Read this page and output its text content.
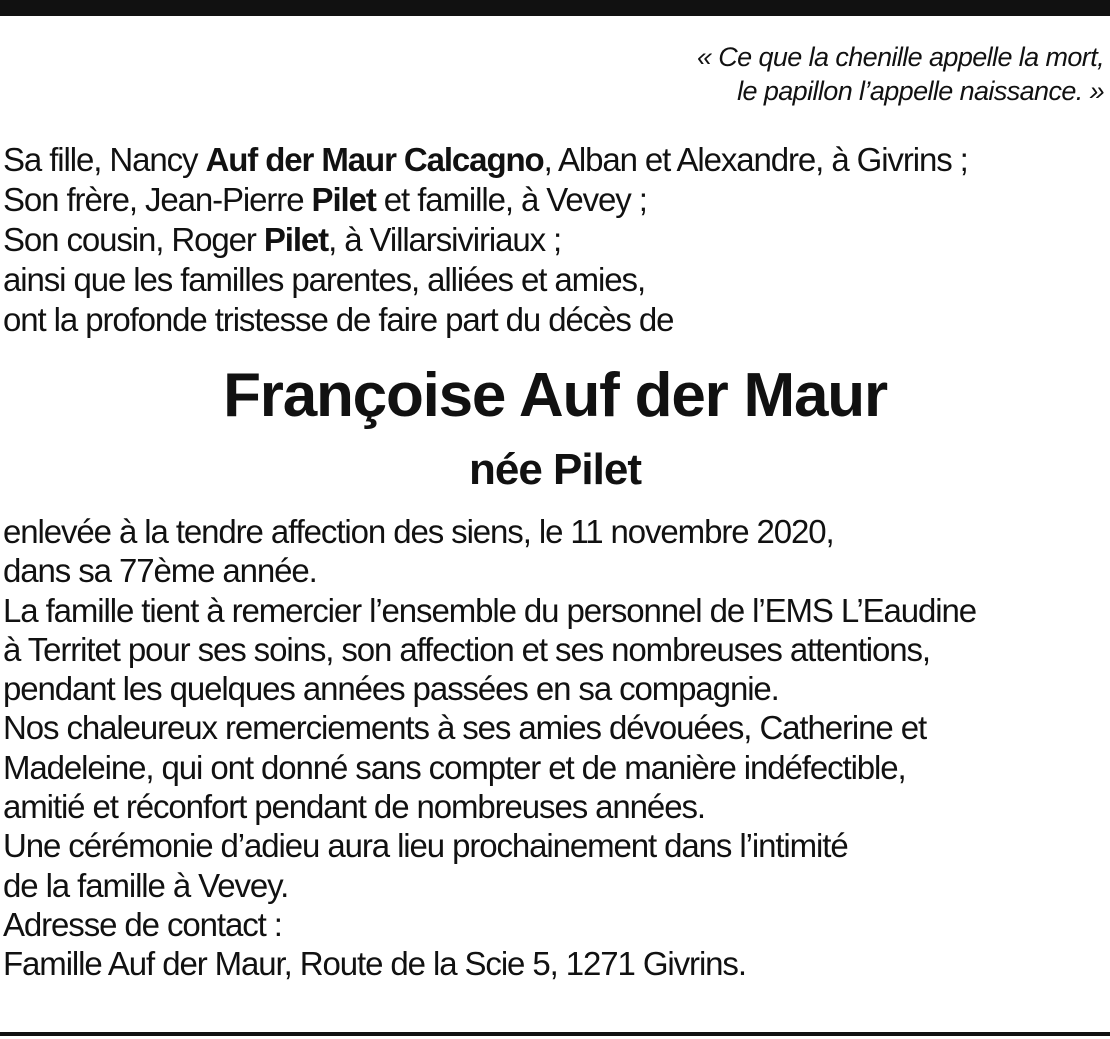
« Ce que la chenille appelle la mort,
le papillon l’appelle naissance. »
Sa fille, Nancy Auf der Maur Calcagno, Alban et Alexandre, à Givrins ;
Son frère, Jean-Pierre Pilet et famille, à Vevey ;
Son cousin, Roger Pilet, à Villarsiviriaux ;
ainsi que les familles parentes, alliées et amies,
ont la profonde tristesse de faire part du décès de
Françoise Auf der Maur
née Pilet
enlevée à la tendre affection des siens, le 11 novembre 2020,
dans sa 77ème année.
La famille tient à remercier l’ensemble du personnel de l’EMS L’Eaudine
à Territet pour ses soins, son affection et ses nombreuses attentions,
pendant les quelques années passées en sa compagnie.
Nos chaleureux remerciements à ses amies dévouées, Catherine et
Madeleine, qui ont donné sans compter et de manière indéfectible,
amitié et réconfort pendant de nombreuses années.
Une cérémonie d’adieu aura lieu prochainement dans l’intimité
de la famille à Vevey.
Adresse de contact :
Famille Auf der Maur, Route de la Scie 5, 1271 Givrins.
